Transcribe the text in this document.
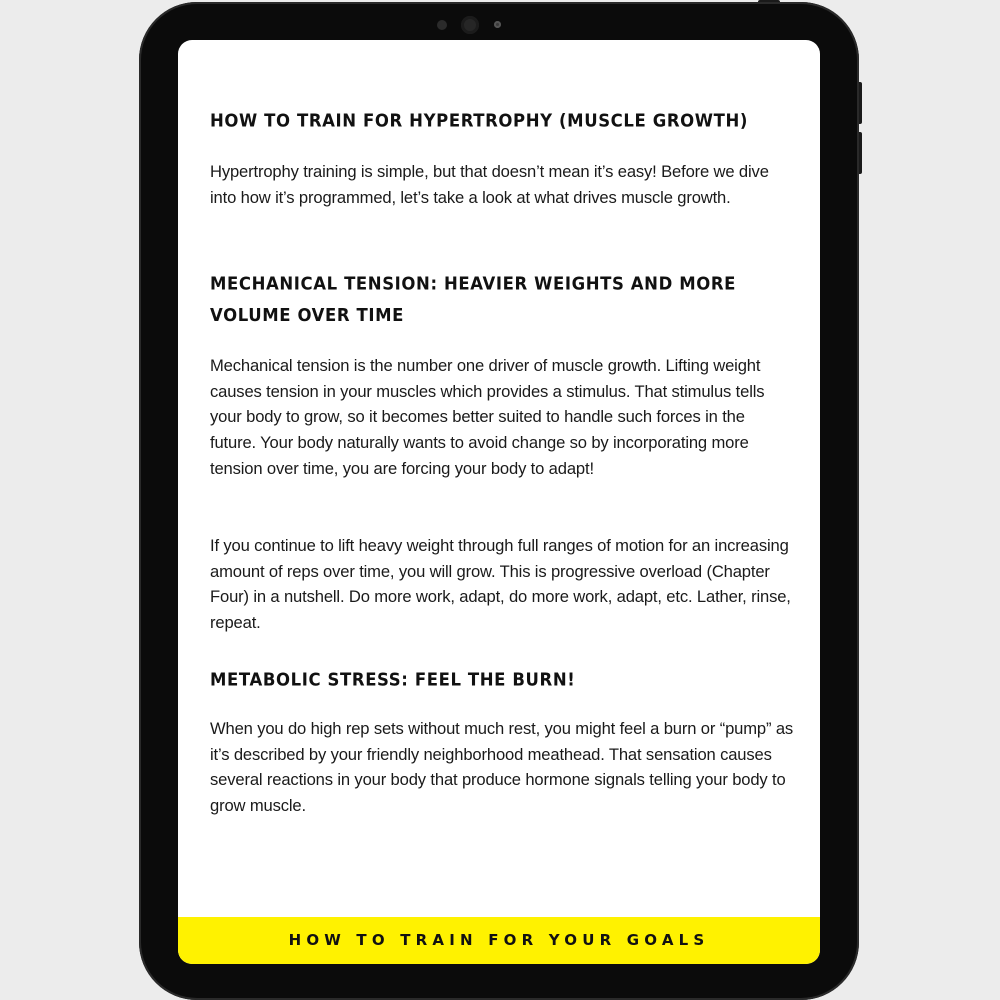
HOW TO TRAIN FOR HYPERTROPHY (MUSCLE GROWTH)

Hypertrophy training is simple, but that doesn’t mean it’s easy! Before we dive into how it’s programmed, let’s take a look at what drives muscle growth.

MECHANICAL TENSION: HEAVIER WEIGHTS AND MORE VOLUME OVER TIME

Mechanical tension is the number one driver of muscle growth. Lifting weight causes tension in your muscles which provides a stimulus. That stimulus tells your body to grow, so it becomes better suited to handle such forces in the future. Your body naturally wants to avoid change so by incorporating more tension over time, you are forcing your body to adapt!

If you continue to lift heavy weight through full ranges of motion for an increasing amount of reps over time, you will grow. This is progressive overload (Chapter Four) in a nutshell. Do more work, adapt, do more work, adapt, etc. Lather, rinse, repeat.

METABOLIC STRESS: FEEL THE BURN!

When you do high rep sets without much rest, you might feel a burn or “pump” as it’s described by your friendly neighborhood meathead. That sensation causes several reactions in your body that produce hormone signals telling your body to grow muscle.

HOW TO TRAIN FOR YOUR GOALS
